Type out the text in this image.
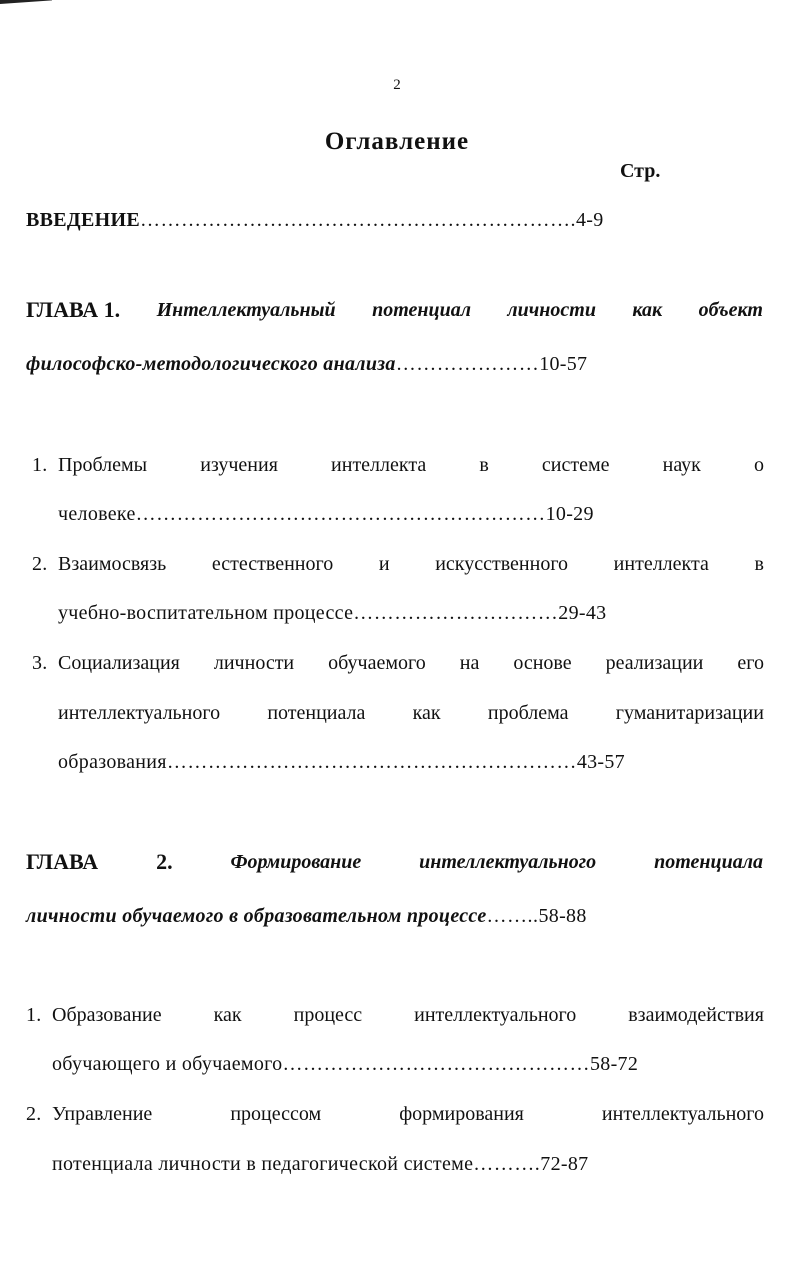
2
Оглавление
Стр.
ВВЕДЕНИЕ……………………………………………………….4-9
ГЛАВА 1. Интеллектуальный потенциал личности как объект
философско-методологического анализа…………………10-57
1. Проблемы	изучения	интеллекта	в	системе	наук	о
человеке……………………………………………………10-29
2. Взаимосвязь естественного и искусственного интеллекта в
учебно-воспитательном процессе…………………………29-43
3. Социализация личности обучаемого на основе реализации его
интеллектуального потенциала как проблема гуманитаризации
образования……………………………………………………43-57
ГЛАВА	2.	Формирование	интеллектуального	потенциала
личности обучаемого в образовательном процессе……..58-88
1. Образование	как	процесс	интеллектуального	взаимодействия
обучающего и обучаемого………………………………………58-72
2. Управление	процессом	формирования	интеллектуального
потенциала личности в педагогической системе……….72-87
